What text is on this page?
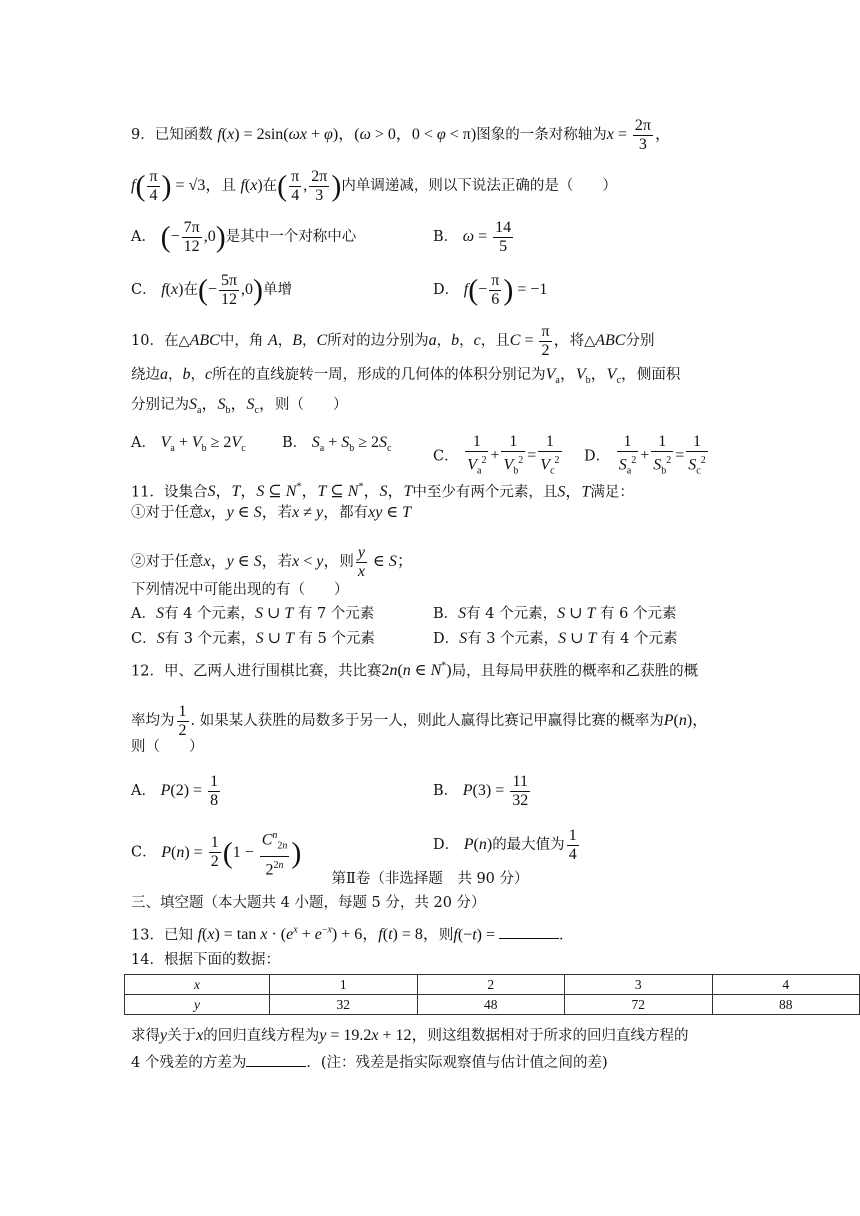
9．已知函数 f(x) = 2sin(ωx + φ)，(ω > 0，0 < φ < π)图象的一条对称轴为$x = \frac{2\pi}{3}$ ，
$f( \frac{\pi}{4}$ ) = √3，且 f(x)在( $\frac{\pi}{4}$ , $\frac{2\pi}{3}$ )内单调递减，则以下说法正确的是（　　）
A． (− $\frac{7\pi}{12} ,0$)是其中一个对称中心	B． $\omega = \frac{14}{5}$
C． f(x)在(− $\frac{5\pi}{12} ,0$)单增	D． $f(- \frac{\pi}{6}$ ) = −1
10．在△ABC中，角 A，B，C所对的边分别为a，b，c，且$C = \frac{\pi}{2}$ ，将△ABC分别
绕边a，b，c所在的直线旋转一周，形成的几何体的体积分别记为$V_a$，$V_b$，$V_c$，侧面积
分别记为$S_a$，$S_b$，$S_c$，则（　　）
A． $V_a + V_b \ge 2V_c$	B． $S_a + S_b \ge 2S_c$	C． $\frac{1}{V_a^2} + \frac{1}{V_b^2} = \frac{1}{V_c^2}$ D． $\frac{1}{S_a^2} + \frac{1}{S_b^2} = \frac{1}{S_c^2}$
11．设集合S，T，S ⊆ N*，T ⊆ N*，S，T中至少有两个元素，且S，T满足：
①对于任意x，y ∈ S，若x ≠ y，都有xy ∈ T
②对于任意x，y ∈ S，若x < y，则 $\frac{y}{x}$ ∈ S；
下列情况中可能出现的有（　　）
A．S有 4 个元素，S ∪ T 有 7 个元素	B．S有 4 个元素，S ∪ T 有 6 个元素
C．S有 3 个元素，S ∪ T 有 5 个元素	D．S有 3 个元素，S ∪ T 有 4 个元素
12．甲、乙两人进行围棋比赛，共比赛2n(n ∈ N*)局，且每局甲获胜的概率和乙获胜的概
率均为 $\frac{1}{2}$ . 如果某人获胜的局数多于另一人，则此人赢得比赛记甲赢得比赛的概率为P(n)，
则（　　）
A． $P(2) = \frac{1}{8}$	B． $P(3) = \frac{11}{32}$
C． $P(n) = \frac{1}{2} (1 - \frac{C^n_{2n}}{2^{2n}}$ )	D． P(n)的最大值为 $\frac{1}{4}$
第Ⅱ卷（非选择题　共 90 分）
三、填空题（本大题共 4 小题，每题 5 分，共 20 分）
13．已知 $f(x) = \tan x \cdot (e^x + e^{-x}) + 6$，f(t) = 8，则f(−t) =	．
14．根据下面的数据：
x	1	2	3	4
y	32	48	72	88
求得y关于x的回归直线方程为y = 19.2x + 12，则这组数据相对于所求的回归直线方程的
4 个残差的方差为	．(注：残差是指实际观察值与估计值之间的差)
